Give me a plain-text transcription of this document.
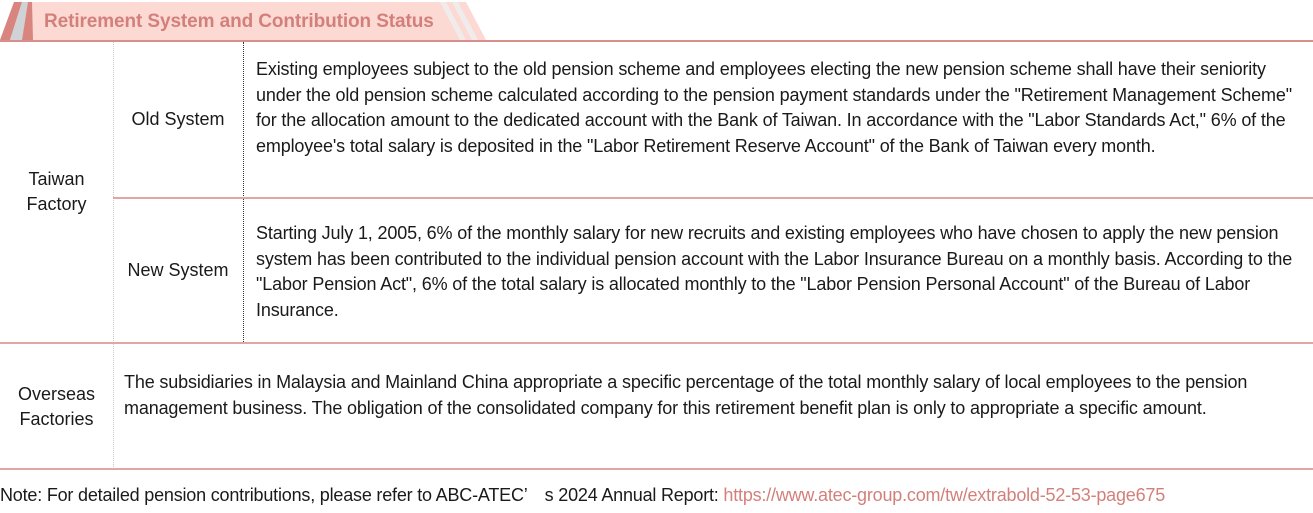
Retirement System and Contribution Status
Taiwan Factory
Old System
Existing employees subject to the old pension scheme and employees electing the new pension scheme shall have their seniority under the old pension scheme calculated according to the pension payment standards under the "Retirement Management Scheme" for the allocation amount to the dedicated account with the Bank of Taiwan. In accordance with the "Labor Standards Act," 6% of the employee's total salary is deposited in the "Labor Retirement Reserve Account" of the Bank of Taiwan every month.
New System
Starting July 1, 2005, 6% of the monthly salary for new recruits and existing employees who have chosen to apply the new pension system has been contributed to the individual pension account with the Labor Insurance Bureau on a monthly basis. According to the "Labor Pension Act", 6% of the total salary is allocated monthly to the "Labor Pension Personal Account" of the Bureau of Labor Insurance.
Overseas Factories
The subsidiaries in Malaysia and Mainland China appropriate a specific percentage of the total monthly salary of local employees to the pension management business. The obligation of the consolidated company for this retirement benefit plan is only to appropriate a specific amount.
Note: For detailed pension contributions, please refer to ABC-ATEC’　s 2024 Annual Report: https://www.atec-group.com/tw/extrabold-52-53-page675
